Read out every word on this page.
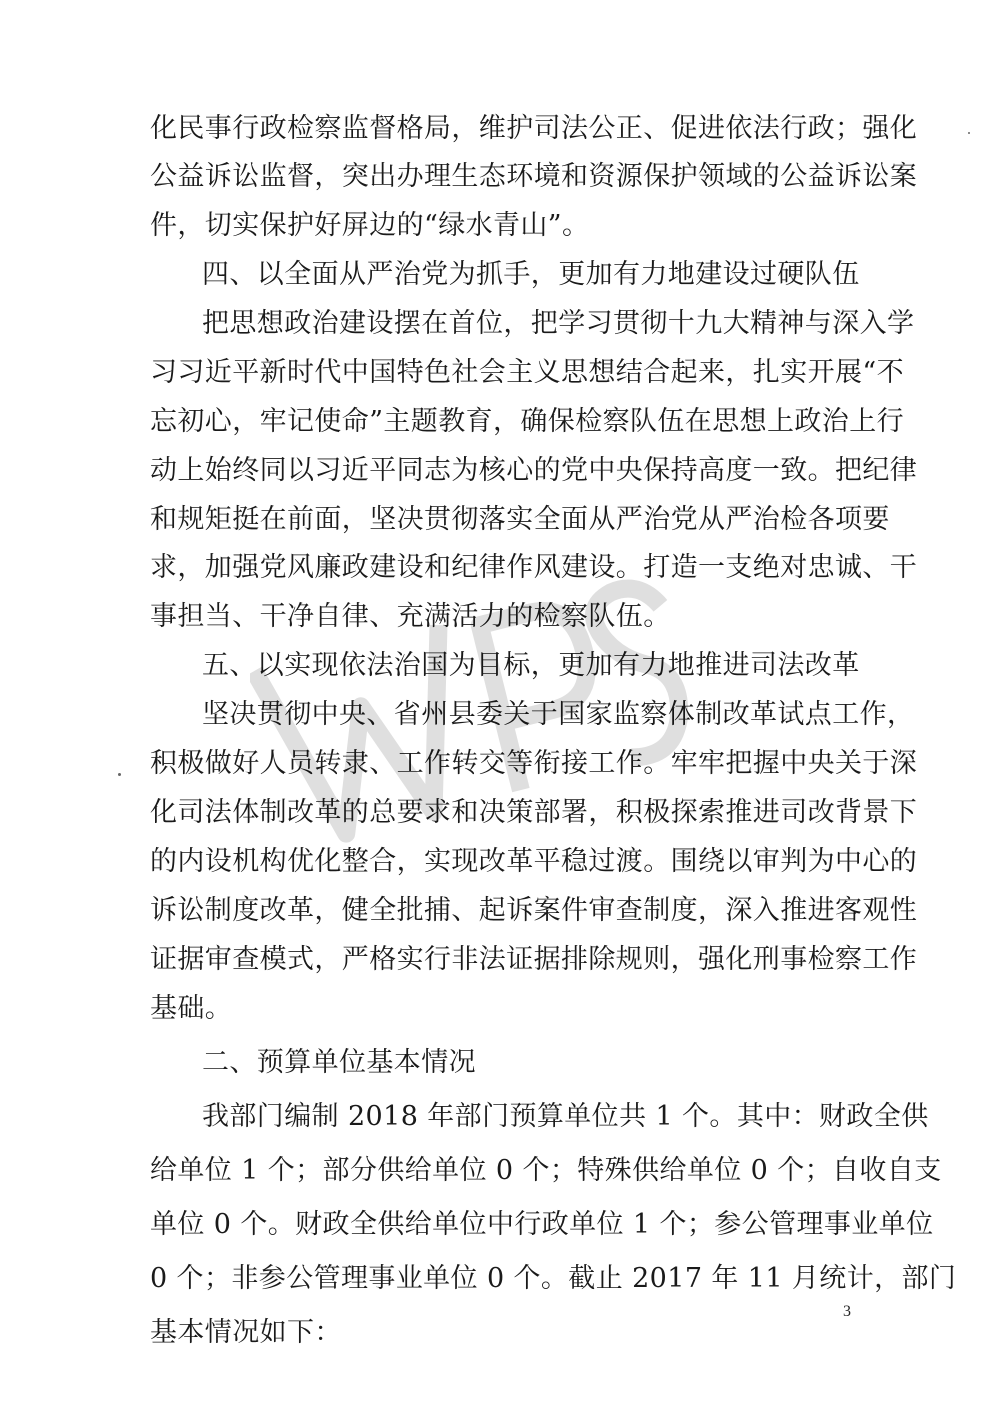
化民事行政检察监督格局，维护司法公正、促进依法行政；强化
公益诉讼监督，突出办理生态环境和资源保护领域的公益诉讼案
件，切实保护好屏边的“绿水青山”。
四、以全面从严治党为抓手，更加有力地建设过硬队伍
把思想政治建设摆在首位，把学习贯彻十九大精神与深入学
习习近平新时代中国特色社会主义思想结合起来，扎实开展“不
忘初心，牢记使命”主题教育，确保检察队伍在思想上政治上行
动上始终同以习近平同志为核心的党中央保持高度一致。把纪律
和规矩挺在前面，坚决贯彻落实全面从严治党从严治检各项要
求，加强党风廉政建设和纪律作风建设。打造一支绝对忠诚、干
事担当、干净自律、充满活力的检察队伍。
五、以实现依法治国为目标，更加有力地推进司法改革
坚决贯彻中央、省州县委关于国家监察体制改革试点工作，
积极做好人员转隶、工作转交等衔接工作。牢牢把握中央关于深
化司法体制改革的总要求和决策部署，积极探索推进司改背景下
的内设机构优化整合，实现改革平稳过渡。围绕以审判为中心的
诉讼制度改革，健全批捕、起诉案件审查制度，深入推进客观性
证据审查模式，严格实行非法证据排除规则，强化刑事检察工作
基础。
二、预算单位基本情况
我部门编制 2018 年部门预算单位共 1 个。其中：财政全供
给单位 1 个；部分供给单位 0 个；特殊供给单位 0 个；自收自支
单位 0 个。财政全供给单位中行政单位 1 个；参公管理事业单位
0 个；非参公管理事业单位 0 个。截止 2017 年 11 月统计，部门
基本情况如下：
3
